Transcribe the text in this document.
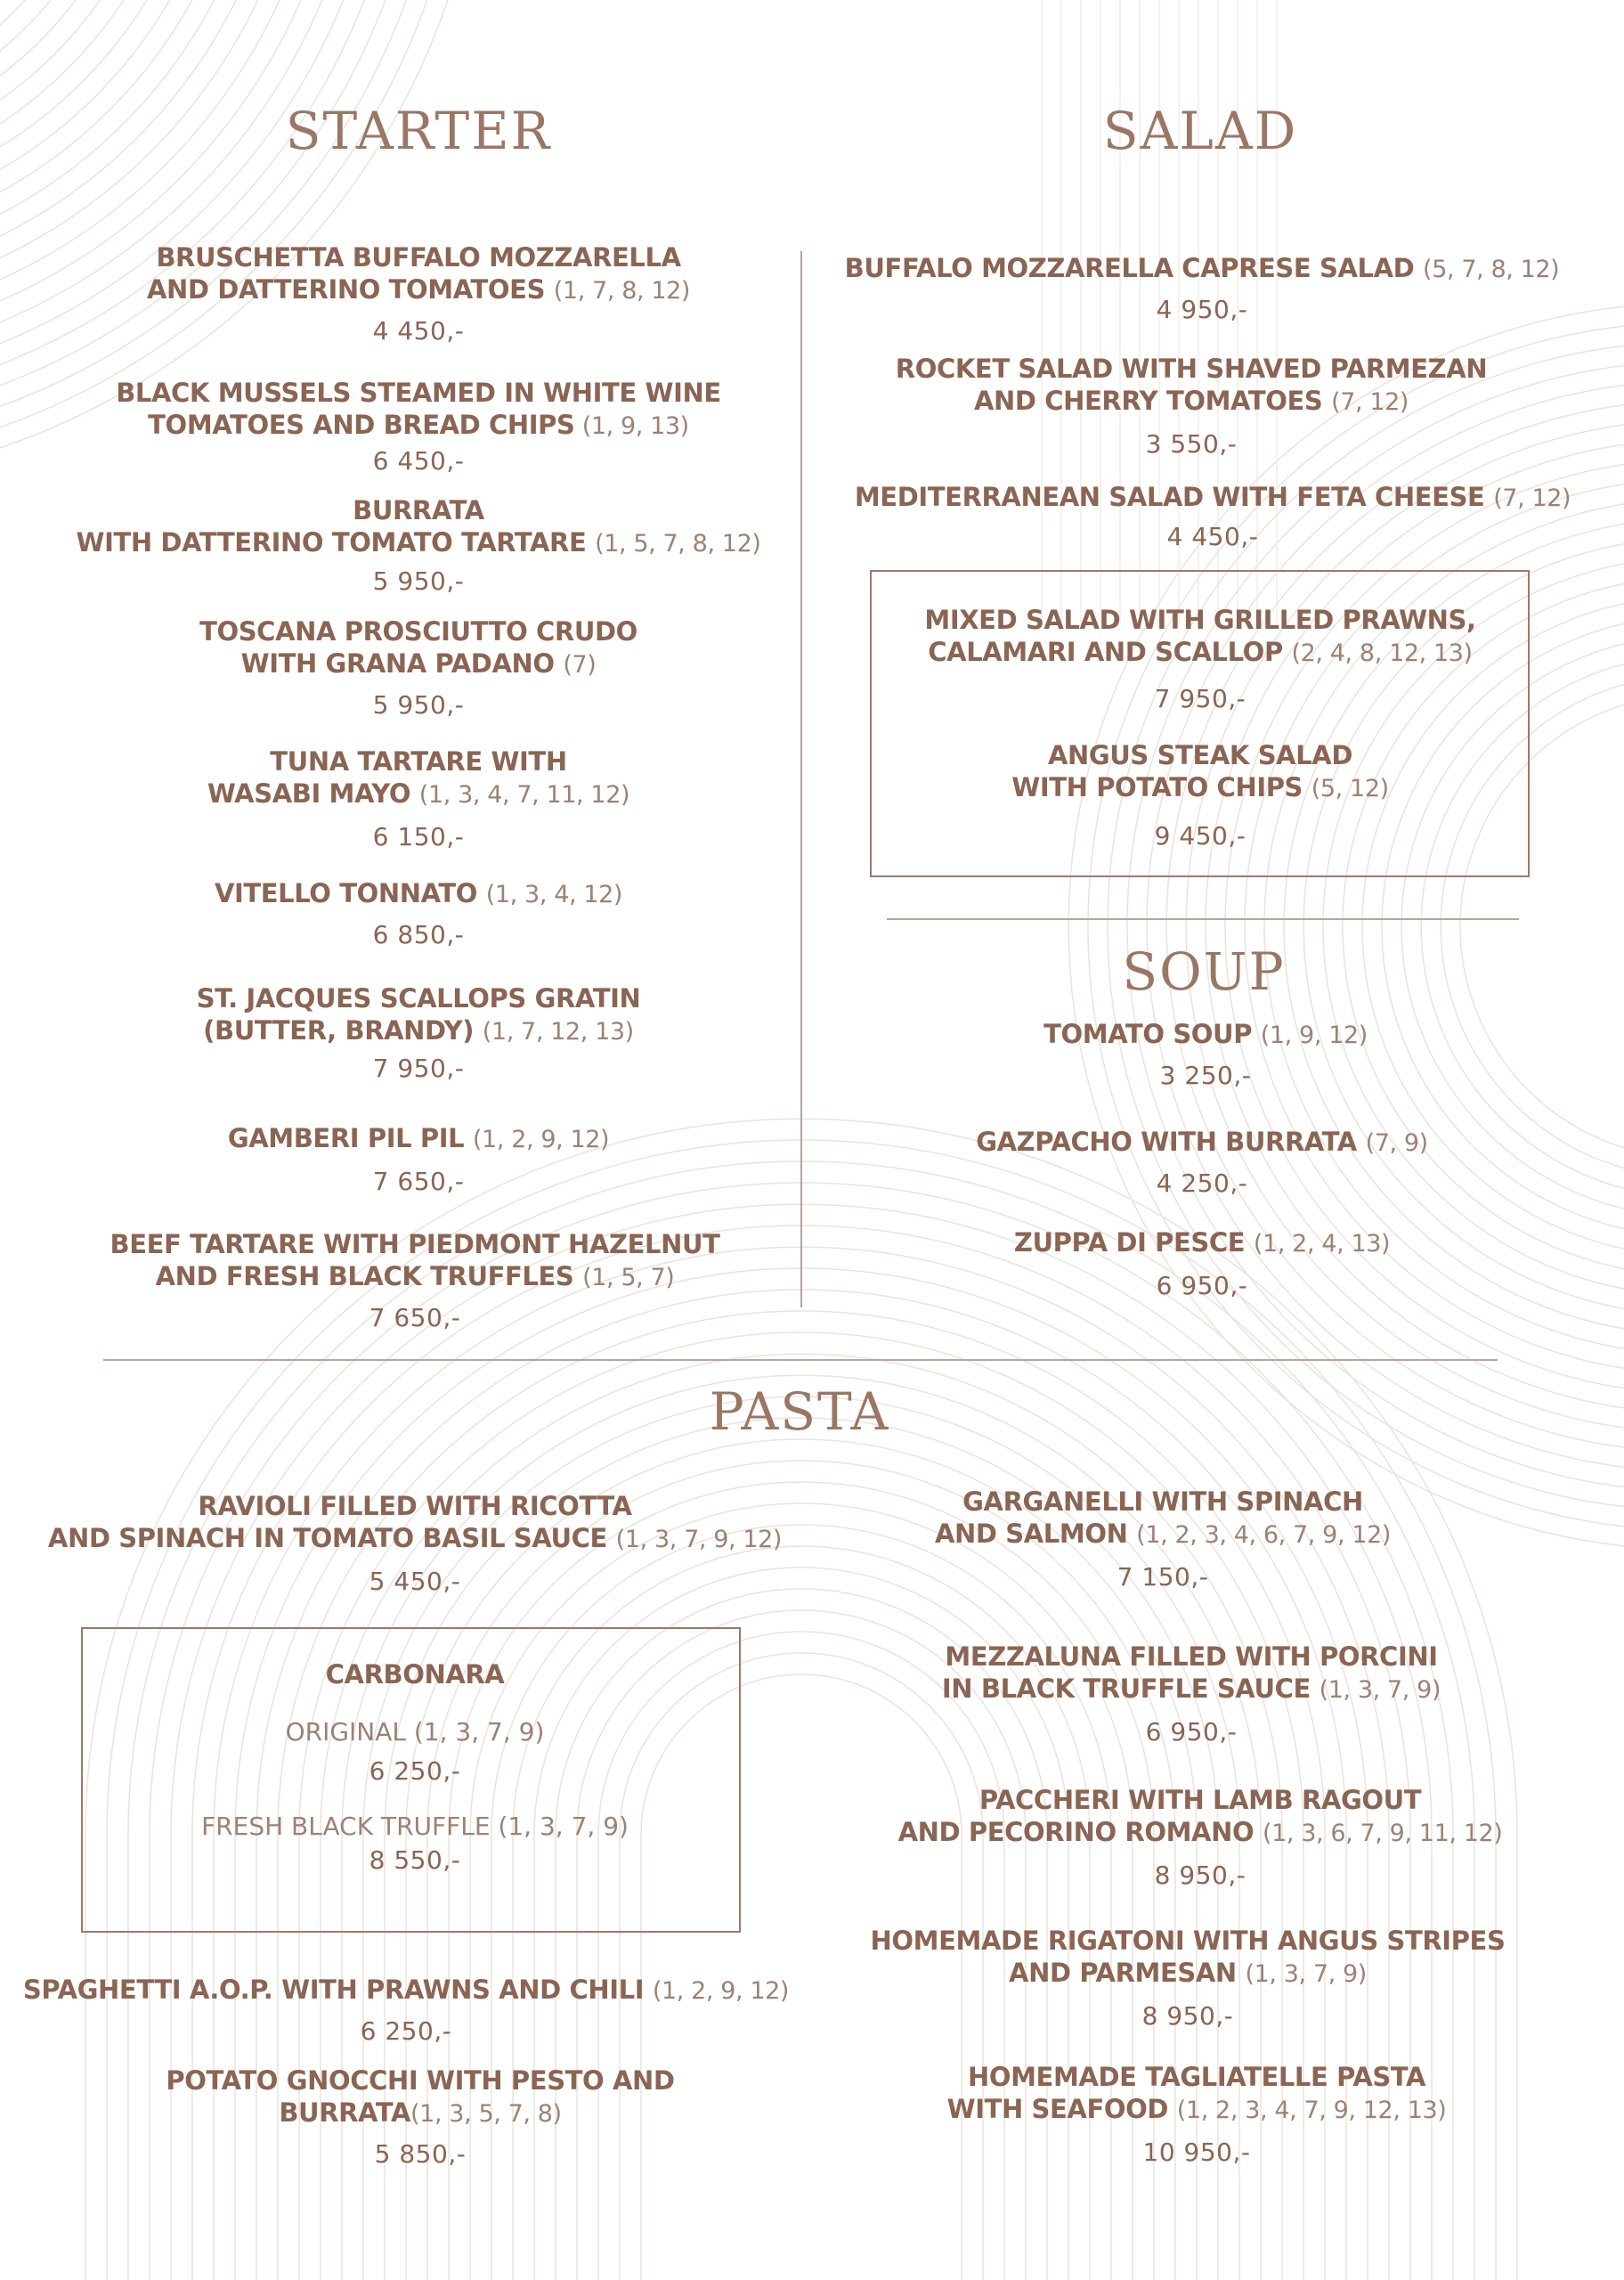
STARTER	SALAD
SOUP
PASTA
BRUSCHETTA BUFFALO MOZZARELLA
AND DATTERINO TOMATOES (1, 7, 8, 12)
4 450,-
BLACK MUSSELS STEAMED IN WHITE WINE
TOMATOES AND BREAD CHIPS (1, 9, 13)
6 450,-
BURRATA
WITH DATTERINO TOMATO TARTARE (1, 5, 7, 8, 12)
5 950,-
TOSCANA PROSCIUTTO CRUDO
WITH GRANA PADANO (7)
5 950,-
TUNA TARTARE WITH
WASABI MAYO (1, 3, 4, 7, 11, 12)
6 150,-
VITELLO TONNATO (1, 3, 4, 12)
6 850,-
ST. JACQUES SCALLOPS GRATIN
(BUTTER, BRANDY) (1, 7, 12, 13)
7 950,-
GAMBERI PIL PIL (1, 2, 9, 12)
7 650,-
BEEF TARTARE WITH PIEDMONT HAZELNUT
AND FRESH BLACK TRUFFLES (1, 5, 7)
7 650,-
BUFFALO MOZZARELLA CAPRESE SALAD (5, 7, 8, 12)
4 950,-
ROCKET SALAD WITH SHAVED PARMEZAN
AND CHERRY TOMATOES (7, 12)
3 550,-
MEDITERRANEAN SALAD WITH FETA CHEESE (7, 12)
4 450,-
MIXED SALAD WITH GRILLED PRAWNS,
CALAMARI AND SCALLOP (2, 4, 8, 12, 13)
7 950,-
ANGUS STEAK SALAD
WITH POTATO CHIPS (5, 12)
9 450,-
TOMATO SOUP (1, 9, 12)
3 250,-
GAZPACHO WITH BURRATA (7, 9)
4 250,-
ZUPPA DI PESCE (1, 2, 4, 13)
6 950,-
RAVIOLI FILLED WITH RICOTTA
AND SPINACH IN TOMATO BASIL SAUCE (1, 3, 7, 9, 12)
5 450,-
CARBONARA
ORIGINAL (1, 3, 7, 9)
6 250,-
FRESH BLACK TRUFFLE (1, 3, 7, 9)
8 550,-
SPAGHETTI A.O.P. WITH PRAWNS AND CHILI (1, 2, 9, 12)
6 250,-
POTATO GNOCCHI WITH PESTO AND
BURRATA(1, 3, 5, 7, 8)
5 850,-
GARGANELLI WITH SPINACH
AND SALMON (1, 2, 3, 4, 6, 7, 9, 12)
7 150,-
MEZZALUNA FILLED WITH PORCINI
IN BLACK TRUFFLE SAUCE (1, 3, 7, 9)
6 950,-
PACCHERI WITH LAMB RAGOUT
AND PECORINO ROMANO (1, 3, 6, 7, 9, 11, 12)
8 950,-
HOMEMADE RIGATONI WITH ANGUS STRIPES
AND PARMESAN (1, 3, 7, 9)
8 950,-
HOMEMADE TAGLIATELLE PASTA
WITH SEAFOOD (1, 2, 3, 4, 7, 9, 12, 13)
10 950,-
